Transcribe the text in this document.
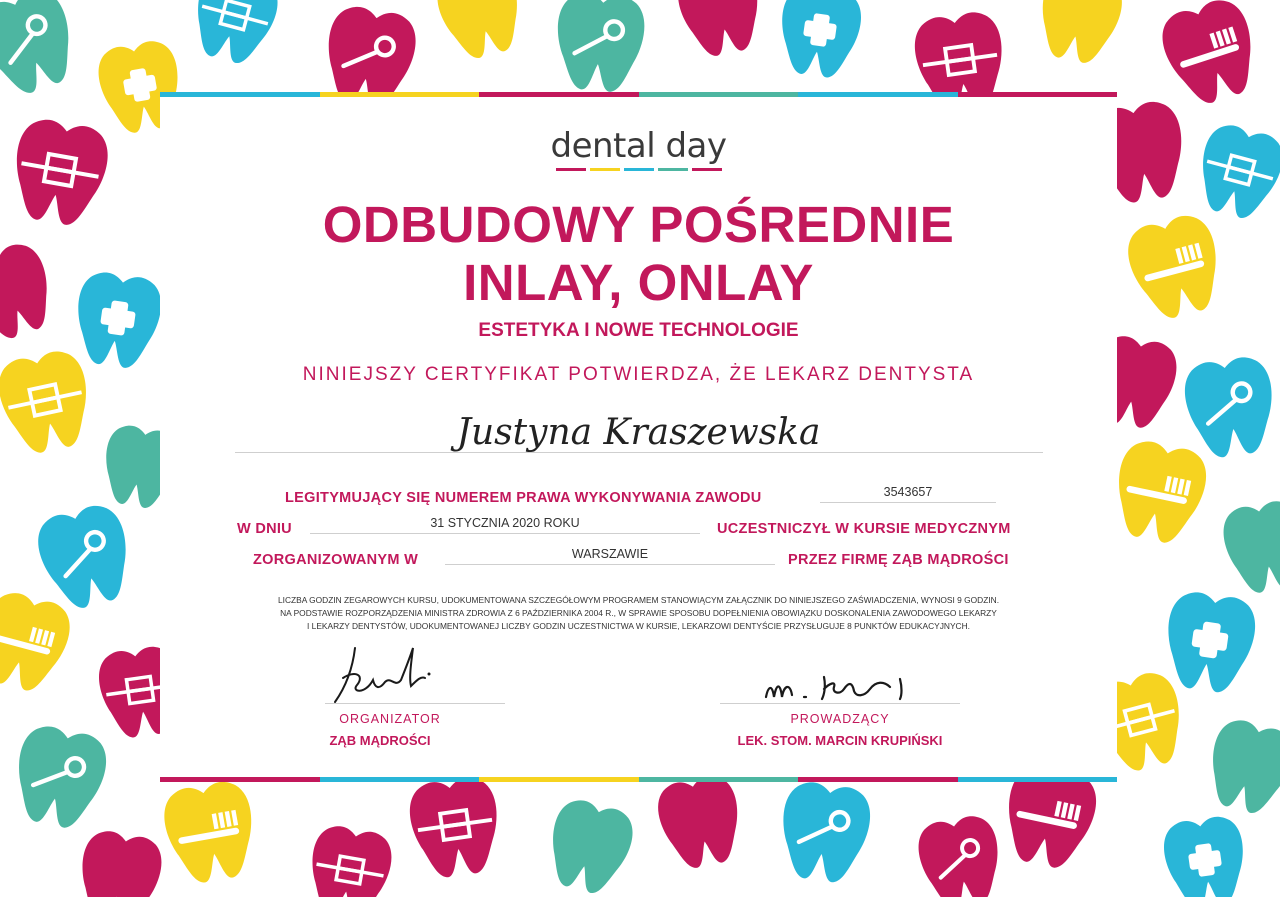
dental day
ODBUDOWY POŚREDNIE
INLAY, ONLAY
ESTETYKA I NOWE TECHNOLOGIE
NINIEJSZY CERTYFIKAT POTWIERDZA, ŻE LEKARZ DENTYSTA
Justyna Kraszewska
LEGITYMUJĄCY SIĘ NUMEREM PRAWA WYKONYWANIA ZAWODU	3543657
W DNIU	31 STYCZNIA 2020 ROKU	UCZESTNICZYŁ W KURSIE MEDYCZNYM
ZORGANIZOWANYM W	WARSZAWIE	PRZEZ FIRMĘ ZĄB MĄDROŚCI
LICZBA GODZIN ZEGAROWYCH KURSU, UDOKUMENTOWANA SZCZEGÓŁOWYM PROGRAMEM STANOWIĄCYM ZAŁĄCZNIK DO NINIEJSZEGO ZAŚWIADCZENIA, WYNOSI 9 GODZIN.
NA PODSTAWIE ROZPORZĄDZENIA MINISTRA ZDROWIA Z 6 PAŹDZIERNIKA 2004 R., W SPRAWIE SPOSOBU DOPEŁNIENIA OBOWIĄZKU DOSKONALENIA ZAWODOWEGO LEKARZY
I LEKARZY DENTYSTÓW, UDOKUMENTOWANEJ LICZBY GODZIN UCZESTNICTWA W KURSIE, LEKARZOWI DENTYŚCIE PRZYSŁUGUJE 8 PUNKTÓW EDUKACYJNYCH.
ORGANIZATOR
ZĄB MĄDROŚCI
PROWADZĄCY
LEK. STOM. MARCIN KRUPIŃSKI
